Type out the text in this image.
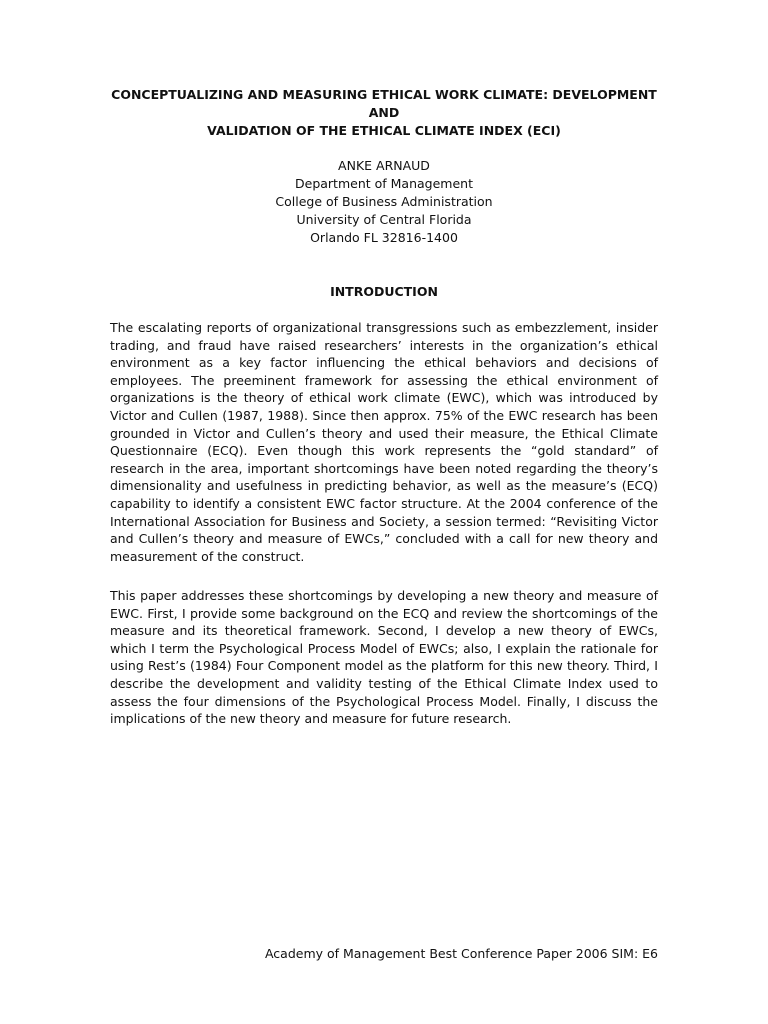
CONCEPTUALIZING AND MEASURING ETHICAL WORK CLIMATE: DEVELOPMENT AND
VALIDATION OF THE ETHICAL CLIMATE INDEX (ECI)
ANKE ARNAUD
Department of Management
College of Business Administration
University of Central Florida
Orlando FL 32816-1400
INTRODUCTION

The escalating reports of organizational transgressions such as embezzlement, insider trading, and fraud have raised researchers’ interests in the organization’s ethical environment as a key factor influencing the ethical behaviors and decisions of employees. The preeminent framework for assessing the ethical environment of organizations is the theory of ethical work climate (EWC), which was introduced by Victor and Cullen (1987, 1988). Since then approx. 75% of the EWC research has been grounded in Victor and Cullen’s theory and used their measure, the Ethical Climate Questionnaire (ECQ). Even though this work represents the “gold standard” of research in the area, important shortcomings have been noted regarding the theory’s dimensionality and usefulness in predicting behavior, as well as the measure’s (ECQ) capability to identify a consistent EWC factor structure. At the 2004 conference of the International Association for Business and Society, a session termed: “Revisiting Victor and Cullen’s theory and measure of EWCs,” concluded with a call for new theory and measurement of the construct.

This paper addresses these shortcomings by developing a new theory and measure of EWC. First, I provide some background on the ECQ and review the shortcomings of the measure and its theoretical framework. Second, I develop a new theory of EWCs, which I term the Psychological Process Model of EWCs; also, I explain the rationale for using Rest’s (1984) Four Component model as the platform for this new theory. Third, I describe the development and validity testing of the Ethical Climate Index used to assess the four dimensions of the Psychological Process Model. Finally, I discuss the implications of the new theory and measure for future research.

Academy of Management Best Conference Paper 2006 SIM: E6
